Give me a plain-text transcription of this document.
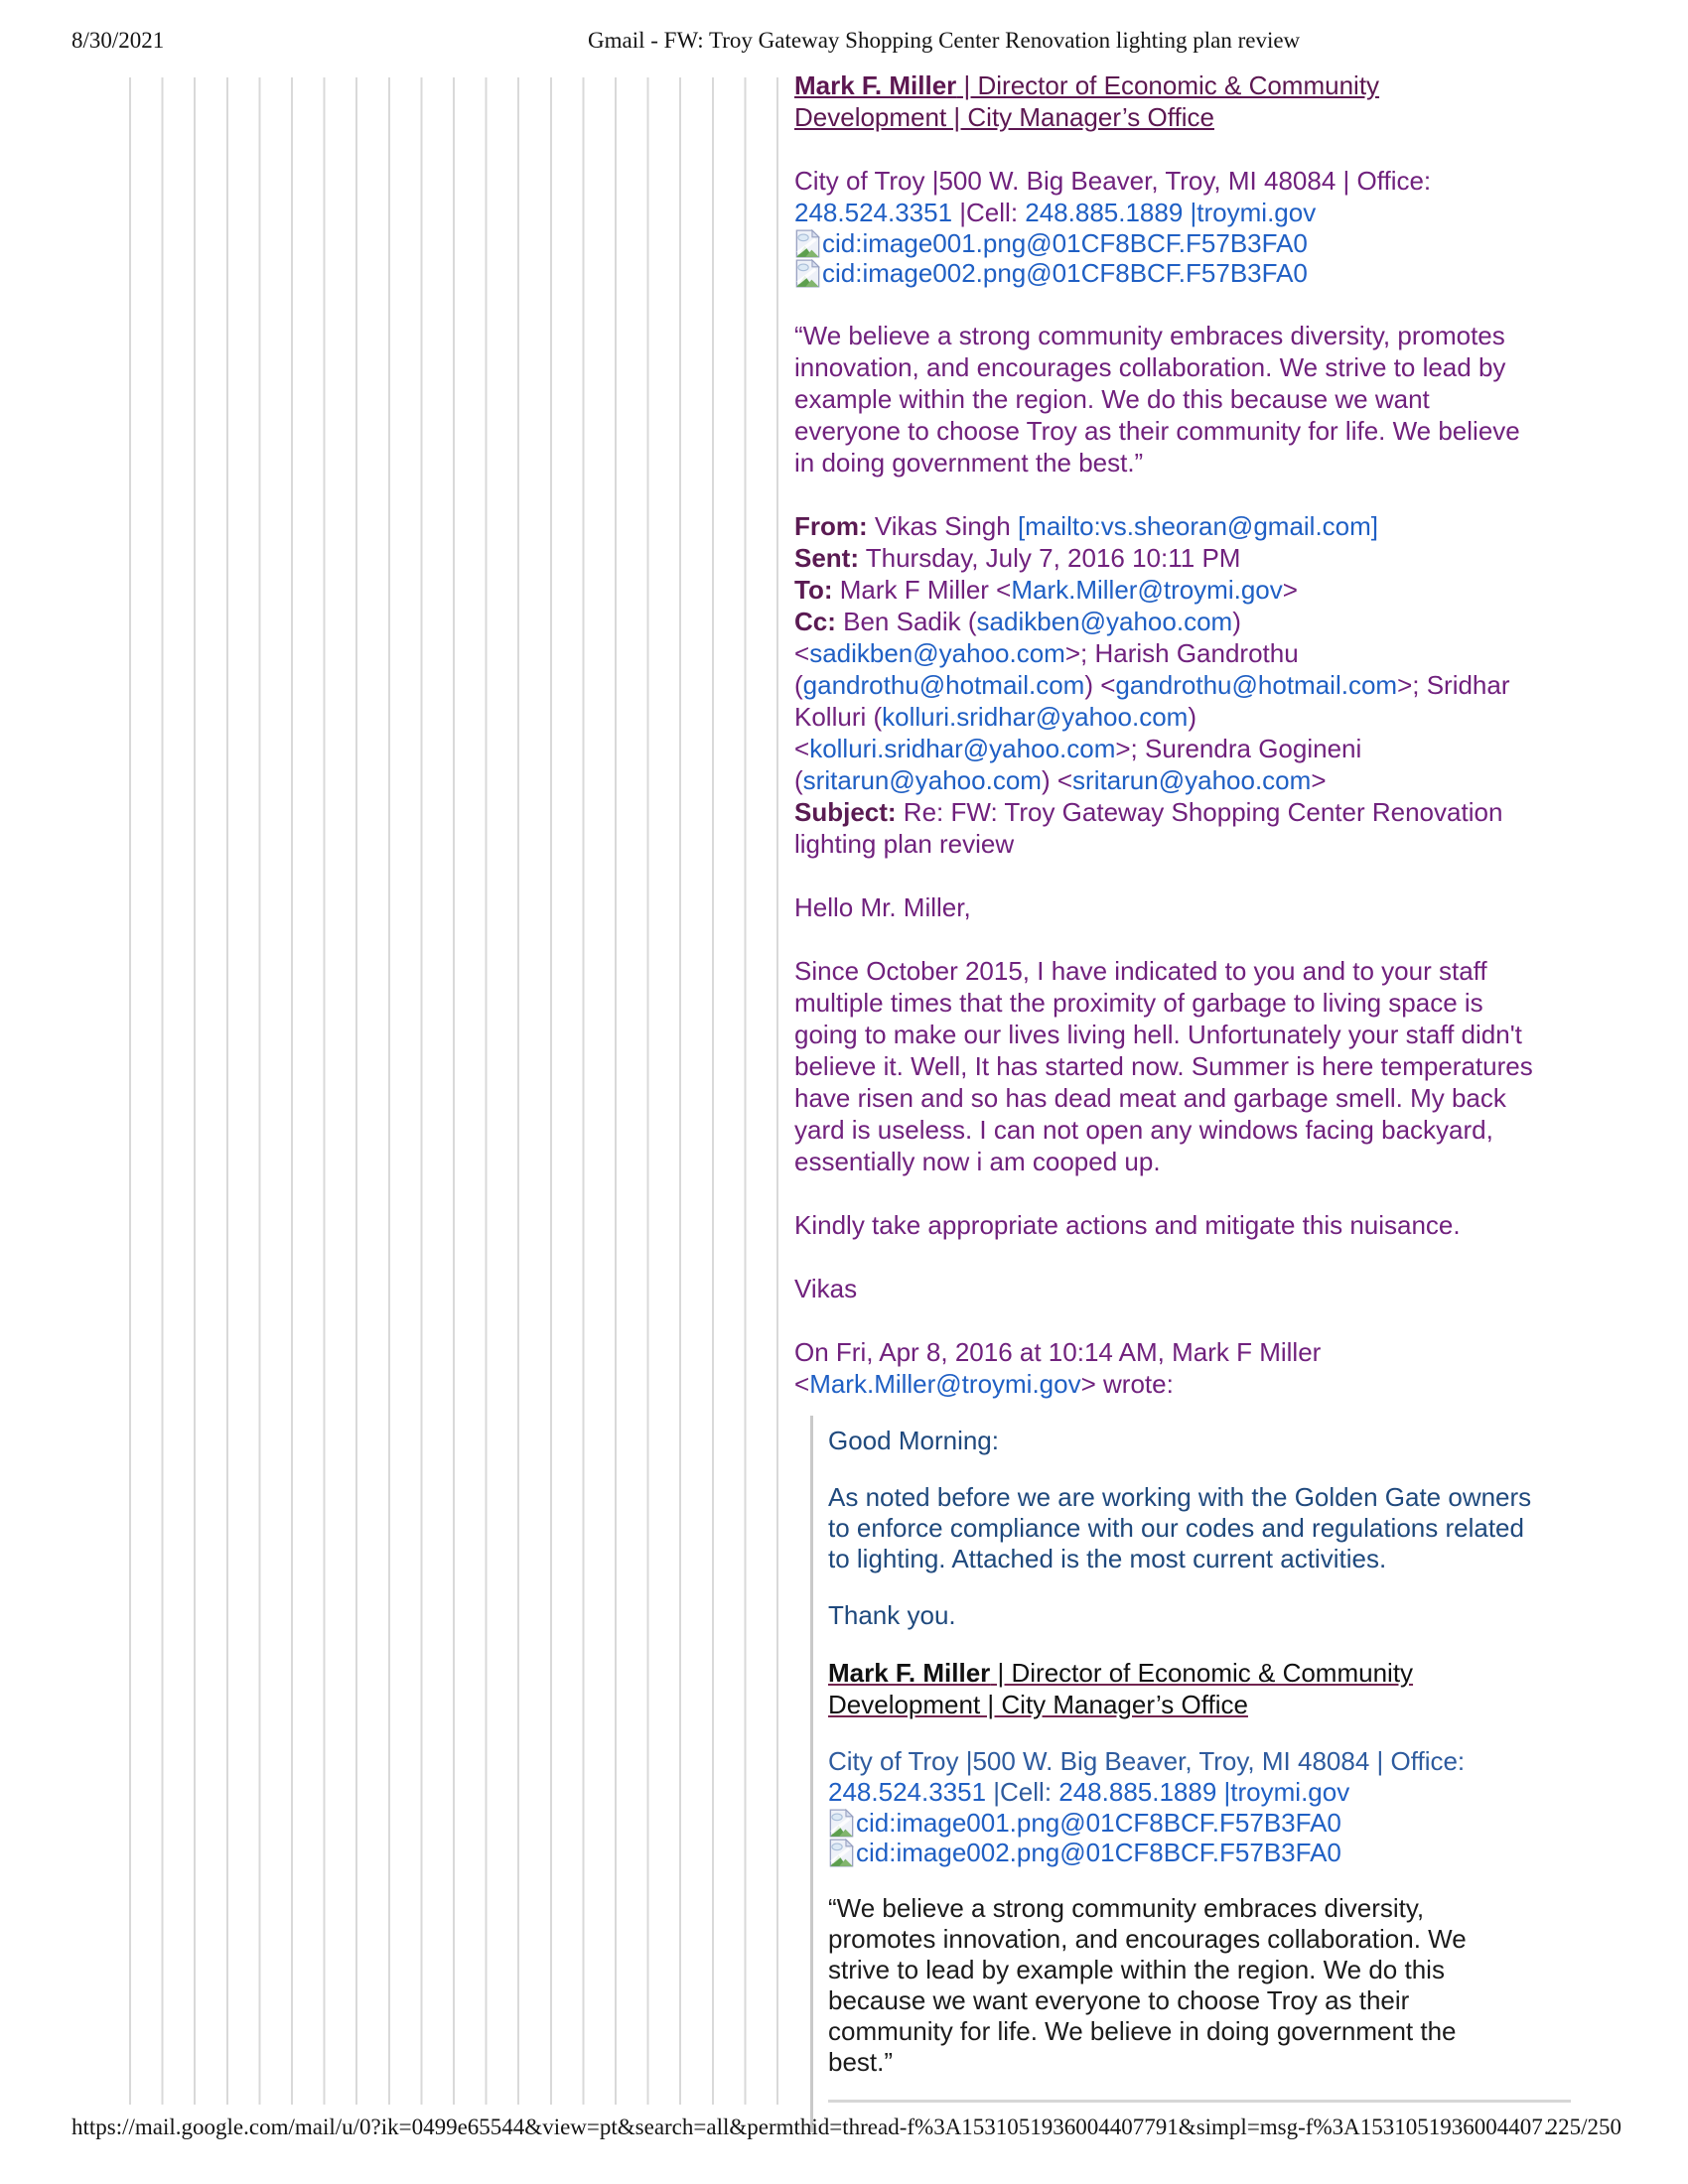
8/30/2021	Gmail - FW: Troy Gateway Shopping Center Renovation lighting plan review
Mark F. Miller | Director of Economic & Community
Development | City Manager’s Office
City of Troy |500 W. Big Beaver, Troy, MI 48084 | Office:
248.524.3351 |Cell: 248.885.1889 |troymi.gov
cid:image001.png@01CF8BCF.F57B3FA0
cid:image002.png@01CF8BCF.F57B3FA0
“We believe a strong community embraces diversity, promotes
innovation, and encourages collaboration. We strive to lead by
example within the region. We do this because we want
everyone to choose Troy as their community for life. We believe
in doing government the best.”
From: Vikas Singh [mailto:vs.sheoran@gmail.com]
Sent: Thursday, July 7, 2016 10:11 PM
To: Mark F Miller <Mark.Miller@troymi.gov>
Cc: Ben Sadik (sadikben@yahoo.com)
<sadikben@yahoo.com>; Harish Gandrothu
(gandrothu@hotmail.com) <gandrothu@hotmail.com>; Sridhar
Kolluri (kolluri.sridhar@yahoo.com)
<kolluri.sridhar@yahoo.com>; Surendra Gogineni
(sritarun@yahoo.com) <sritarun@yahoo.com>
Subject: Re: FW: Troy Gateway Shopping Center Renovation
lighting plan review
Hello Mr. Miller,
Since October 2015, I have indicated to you and to your staff
multiple times that the proximity of garbage to living space is
going to make our lives living hell. Unfortunately your staff didn't
believe it. Well, It has started now. Summer is here temperatures
have risen and so has dead meat and garbage smell. My back
yard is useless. I can not open any windows facing backyard,
essentially now i am cooped up.
Kindly take appropriate actions and mitigate this nuisance.
Vikas
On Fri, Apr 8, 2016 at 10:14 AM, Mark F Miller
<Mark.Miller@troymi.gov> wrote:
Good Morning:
As noted before we are working with the Golden Gate owners
to enforce compliance with our codes and regulations related
to lighting. Attached is the most current activities.
Thank you.
Mark F. Miller | Director of Economic & Community
Development | City Manager’s Office
City of Troy |500 W. Big Beaver, Troy, MI 48084 | Office:
248.524.3351 |Cell: 248.885.1889 |troymi.gov
cid:image001.png@01CF8BCF.F57B3FA0
cid:image002.png@01CF8BCF.F57B3FA0
“We believe a strong community embraces diversity,
promotes innovation, and encourages collaboration. We
strive to lead by example within the region. We do this
because we want everyone to choose Troy as their
community for life. We believe in doing government the
best.”
https://mail.google.com/mail/u/0?ik=0499e65544&view=pt&search=all&permthid=thread-f%3A1531051936004407791&simpl=msg-f%3A1531051936004407…
225/250
